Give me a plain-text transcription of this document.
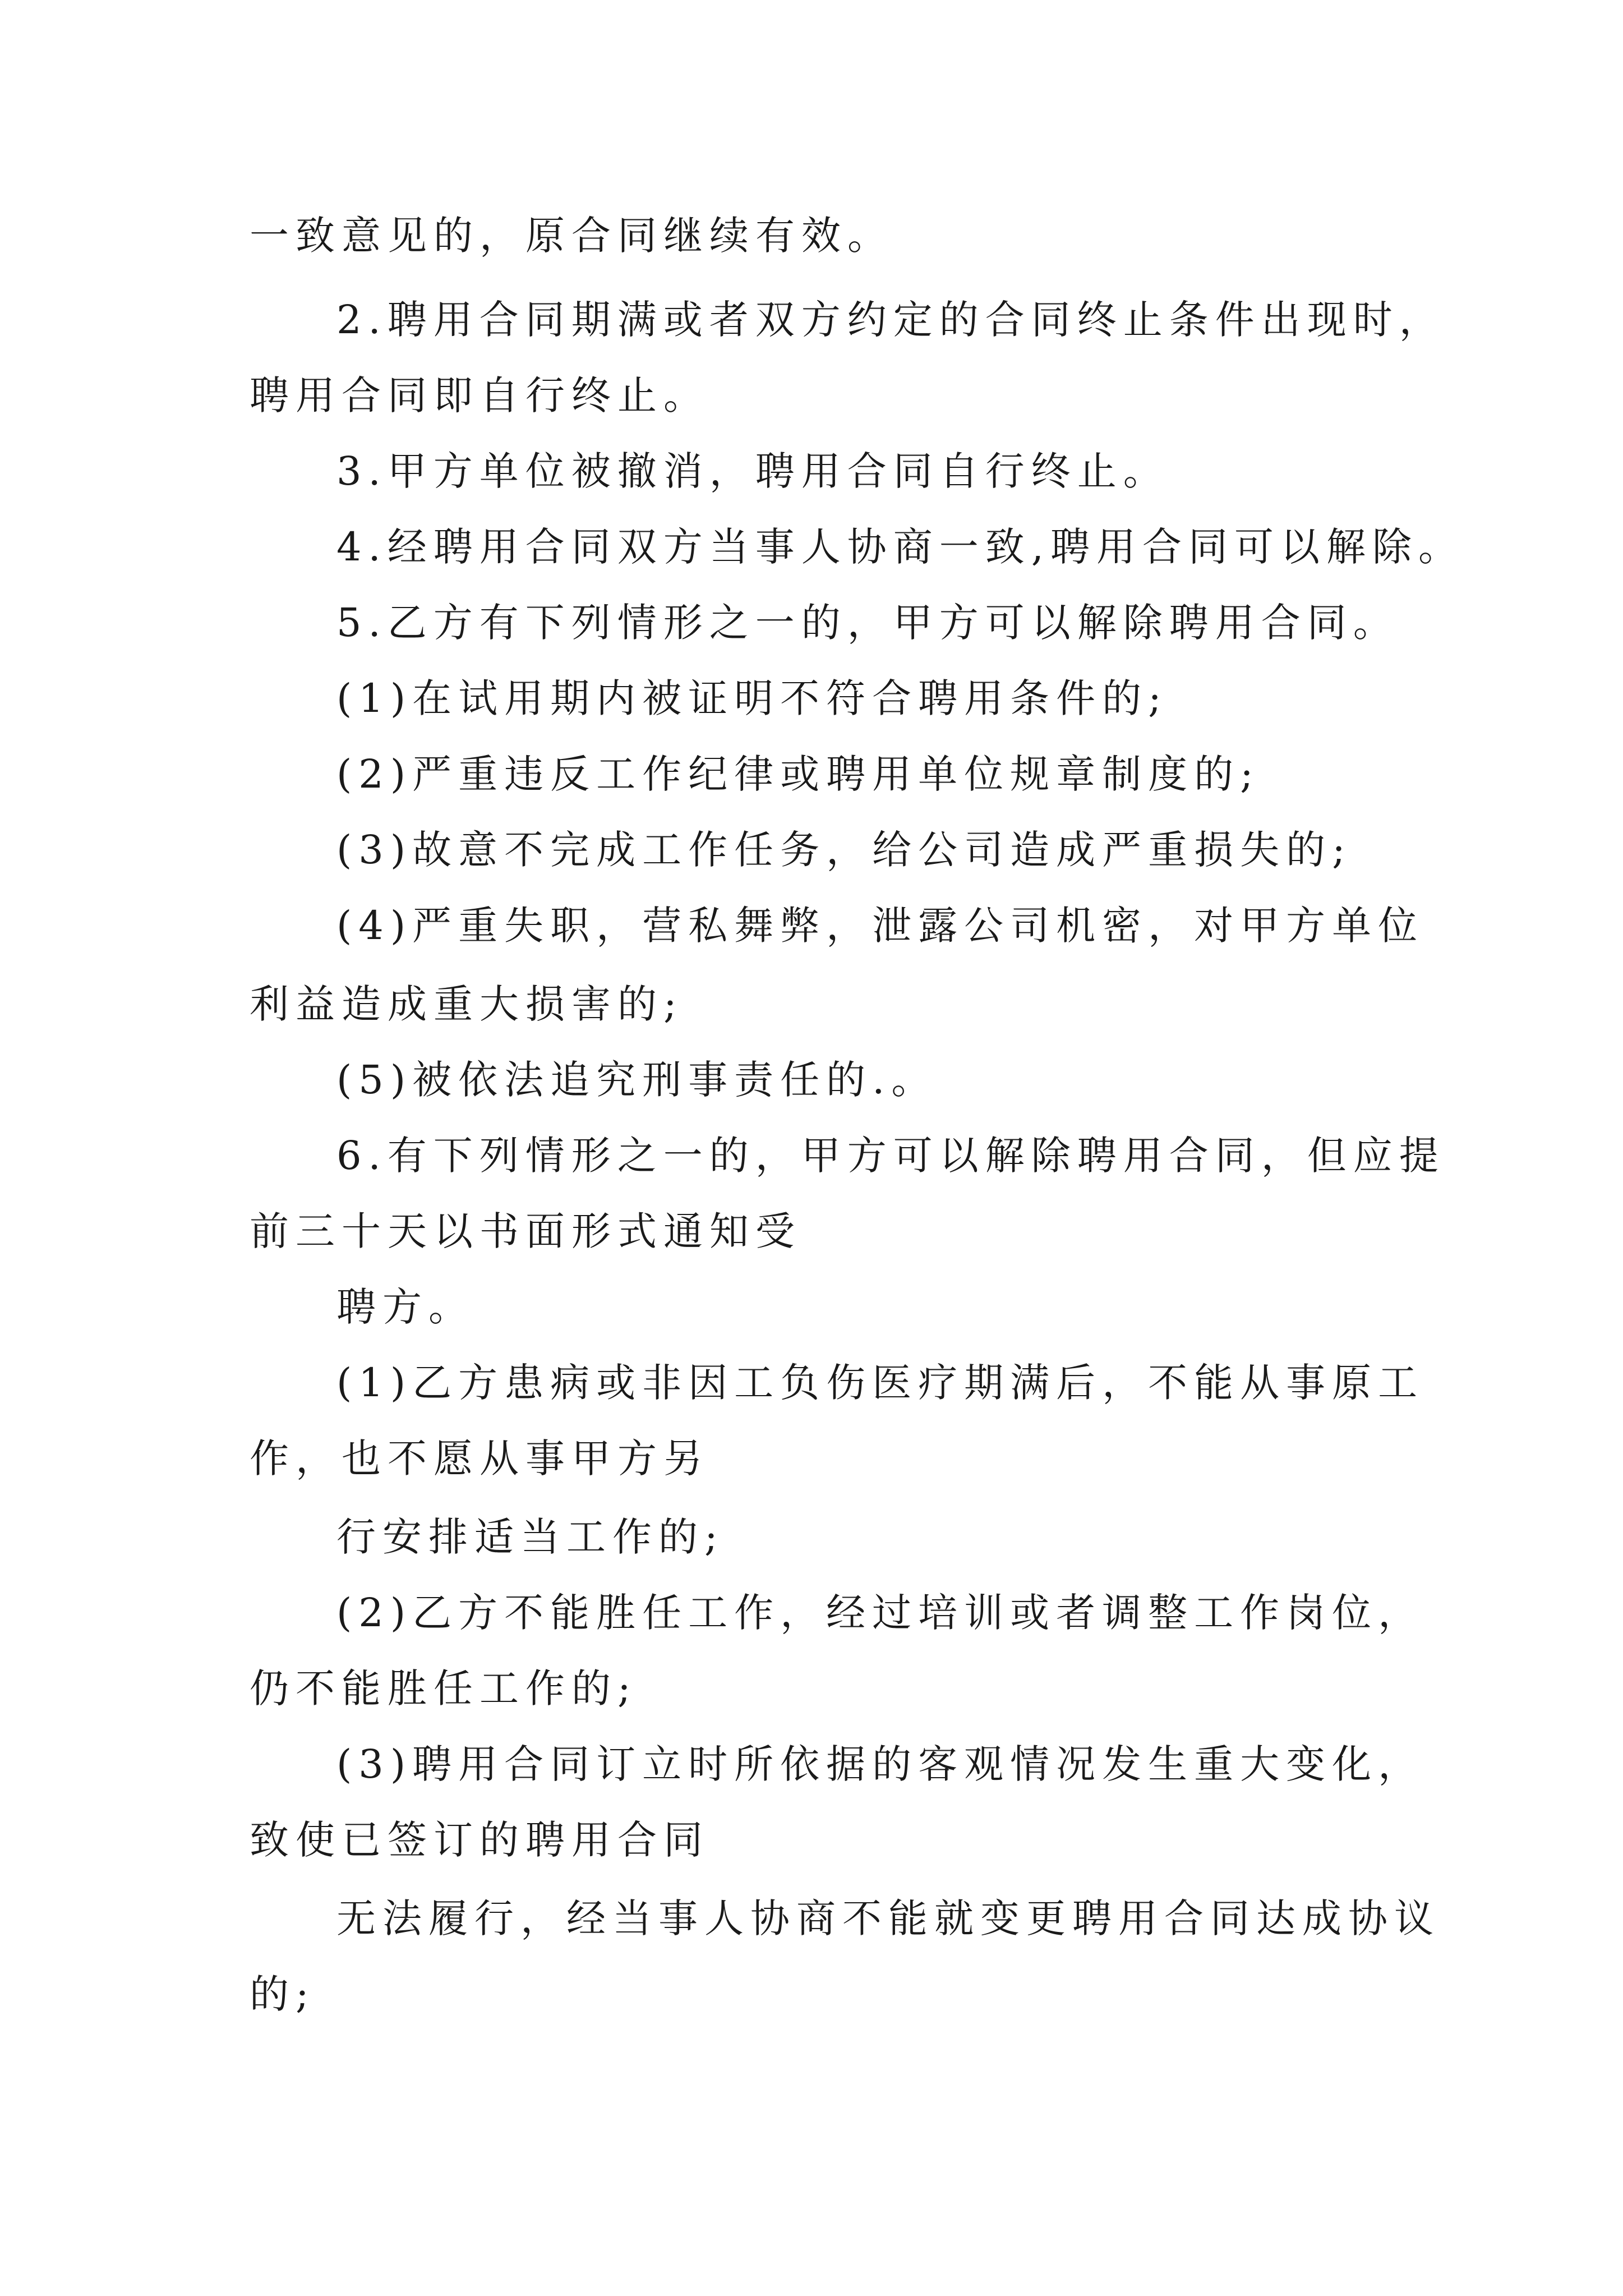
一致意见的，原合同继续有效。
2.聘用合同期满或者双方约定的合同终止条件出现时，
聘用合同即自行终止。
3.甲方单位被撤消，聘用合同自行终止。
4.经聘用合同双方当事人协商一致,聘用合同可以解除。
5.乙方有下列情形之一的，甲方可以解除聘用合同。
(1)在试用期内被证明不符合聘用条件的;
(2)严重违反工作纪律或聘用单位规章制度的;
(3)故意不完成工作任务，给公司造成严重损失的;
(4)严重失职，营私舞弊，泄露公司机密，对甲方单位
利益造成重大损害的;
(5)被依法追究刑事责任的.。
6.有下列情形之一的，甲方可以解除聘用合同，但应提
前三十天以书面形式通知受
聘方。
(1)乙方患病或非因工负伤医疗期满后，不能从事原工
作，也不愿从事甲方另
行安排适当工作的;
(2)乙方不能胜任工作，经过培训或者调整工作岗位，
仍不能胜任工作的;
(3)聘用合同订立时所依据的客观情况发生重大变化，
致使已签订的聘用合同
无法履行，经当事人协商不能就变更聘用合同达成协议
的;
